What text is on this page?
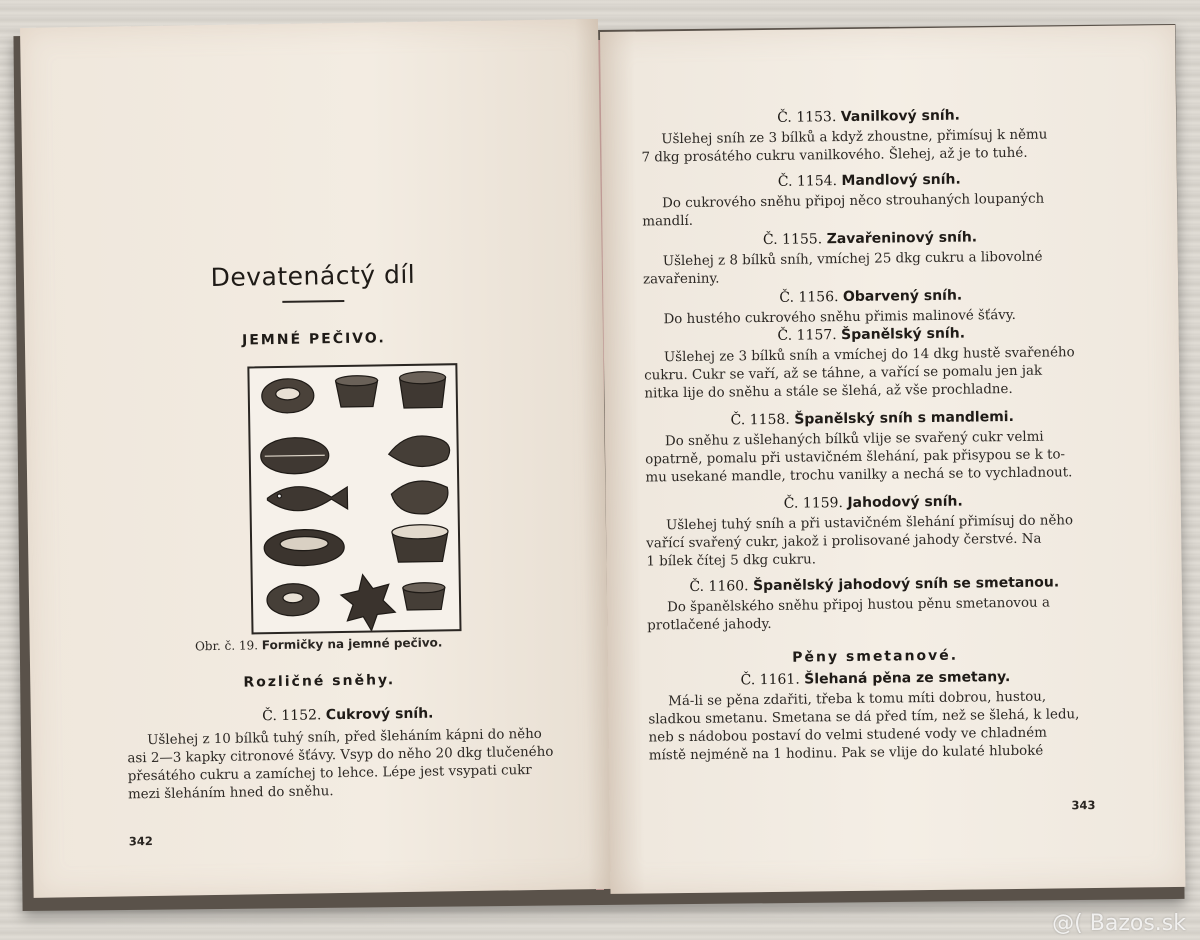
Devatenáctý díl
JEMNÉ PEČIVO.
Obr. č. 19. Formičky na jemné pečivo.
Rozličné sněhy.
Č. 1152. Cukrový sníh.
Ušlehej z 10 bílků tuhý sníh, před šleháním kápni do něho
asi 2—3 kapky citronové šťávy. Vsyp do něho 20 dkg tlučeného
přesátého cukru a zamíchej to lehce. Lépe jest vsypati cukr
mezi šleháním hned do sněhu.
342
Č. 1153. Vanilkový sníh.
Ušlehej sníh ze 3 bílků a když zhoustne, přimísuj k němu
7 dkg prosátého cukru vanilkového. Šlehej, až je to tuhé.
Č. 1154. Mandlový sníh.
Do cukrového sněhu připoj něco strouhaných loupaných
mandlí.
Č. 1155. Zavařeninový sníh.
Ušlehej z 8 bílků sníh, vmíchej 25 dkg cukru a libovolné
zavařeniny.
Č. 1156. Obarvený sníh.
Do hustého cukrového sněhu přimis malinové šťávy.
Č. 1157. Španělský sníh.
Ušlehej ze 3 bílků sníh a vmíchej do 14 dkg hustě svařeného
cukru. Cukr se vaří, až se táhne, a vařící se pomalu jen jak
nitka lije do sněhu a stále se šlehá, až vše prochladne.
Č. 1158. Španělský sníh s mandlemi.
Do sněhu z ušlehaných bílků vlije se svařený cukr velmi
opatrně, pomalu při ustavičném šlehání, pak přisypou se k to-
mu usekané mandle, trochu vanilky a nechá se to vychladnout.
Č. 1159. Jahodový sníh.
Ušlehej tuhý sníh a při ustavičném šlehání přimísuj do něho
vařící svařený cukr, jakož i prolisované jahody čerstvé. Na
1 bílek čítej 5 dkg cukru.
Č. 1160. Španělský jahodový sníh se smetanou.
Do španělského sněhu připoj hustou pěnu smetanovou a
protlačené jahody.
Pěny smetanové.
Č. 1161. Šlehaná pěna ze smetany.
Má-li se pěna zdařiti, třeba k tomu míti dobrou, hustou,
sladkou smetanu. Smetana se dá před tím, než se šlehá, k ledu,
neb s nádobou postaví do velmi studené vody ve chladném
místě nejméně na 1 hodinu. Pak se vlije do kulaté hluboké
343
@( Bazos.sk
